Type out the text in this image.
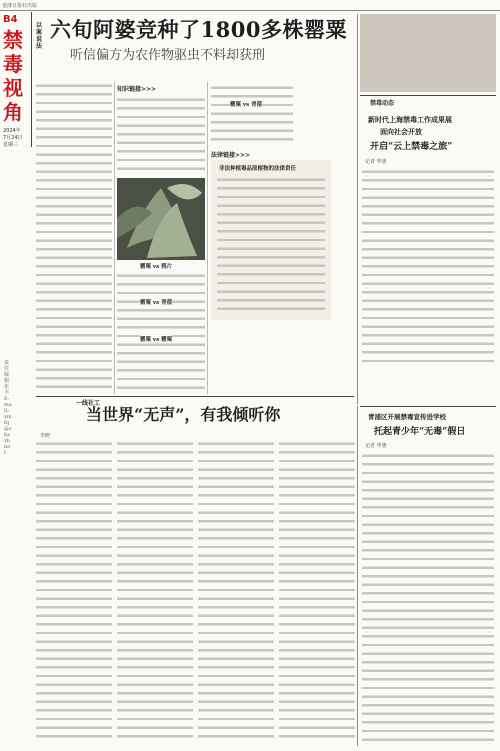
羞涨日报社出版
B4
禁毒视角
2024年
7月24日
星期三
责任编辑 张丰 E-mail: xinfq@shzzb.net
以案说法
六旬阿婆竞种了1800多株罂粟
听信偏方为农作物驱虫不料却获刑
禁毒动态
新时代上海禁毒工作成果展
面向社会开放
开启“云上禁毒之旅”
记者 华惠
知识链接>>>
罂粟 vs 鸦片
罂粟 vs 青蓿
罂粟 vs 罂粟
罂粟 vs 青蓿
法律链接>>>
非法种植毒品原植物的法律责任
一线社工
当世界“无声”，有我倾听你
李研
青浦区开展禁毒宣传进学校
托起青少年“无毒”假日
记者 华惠
